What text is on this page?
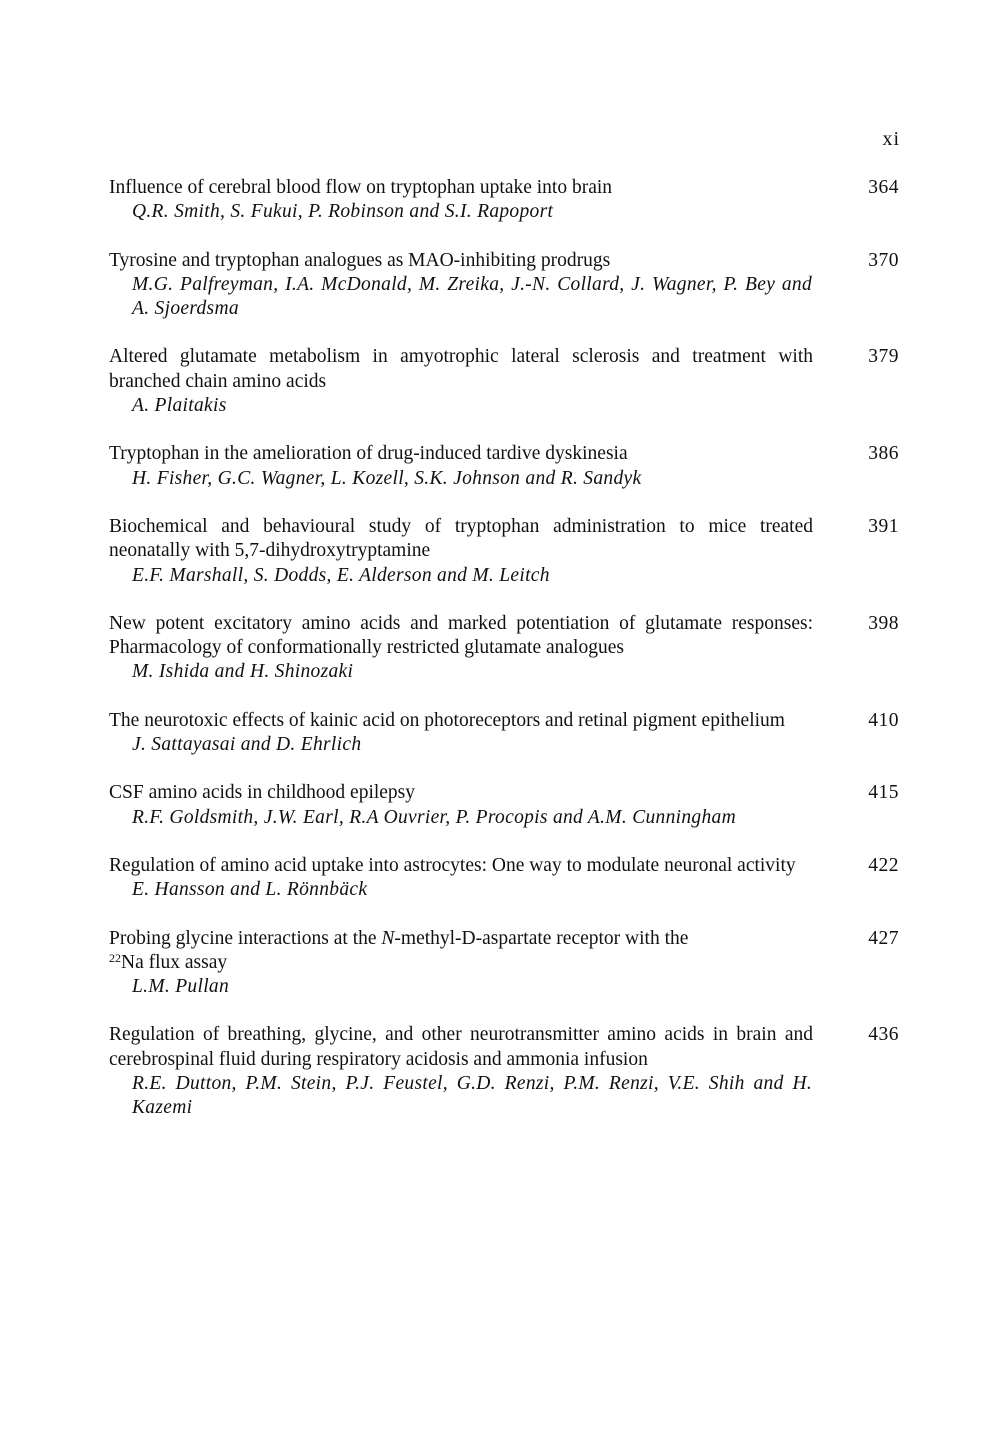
xi
Influence of cerebral blood flow on tryptophan uptake into brain
Q.R. Smith, S. Fukui, P. Robinson and S.I. Rapoport
364
Tyrosine and tryptophan analogues as MAO-inhibiting prodrugs
M.G. Palfreyman, I.A. McDonald, M. Zreika, J.-N. Collard, J. Wagner, P. Bey and A. Sjoerdsma
370
Altered glutamate metabolism in amyotrophic lateral sclerosis and treatment with branched chain amino acids
A. Plaitakis
379
Tryptophan in the amelioration of drug-induced tardive dyskinesia
H. Fisher, G.C. Wagner, L. Kozell, S.K. Johnson and R. Sandyk
386
Biochemical and behavioural study of tryptophan administration to mice treated neonatally with 5,7-dihydroxytryptamine
E.F. Marshall, S. Dodds, E. Alderson and M. Leitch
391
New potent excitatory amino acids and marked potentiation of glutamate responses: Pharmacology of conformationally restricted glutamate analogues
M. Ishida and H. Shinozaki
398
The neurotoxic effects of kainic acid on photoreceptors and retinal pigment epithelium
J. Sattayasai and D. Ehrlich
410
CSF amino acids in childhood epilepsy
R.F. Goldsmith, J.W. Earl, R.A Ouvrier, P. Procopis and A.M. Cunningham
415
Regulation of amino acid uptake into astrocytes: One way to modulate neuronal activity
E. Hansson and L. Rönnbäck
422
Probing glycine interactions at the N-methyl-D-aspartate receptor with the
$^{22}$Na flux assay
L.M. Pullan
427
Regulation of breathing, glycine, and other neurotransmitter amino acids in brain and cerebrospinal fluid during respiratory acidosis and ammonia infusion
R.E. Dutton, P.M. Stein, P.J. Feustel, G.D. Renzi, P.M. Renzi, V.E. Shih and H. Kazemi
436
